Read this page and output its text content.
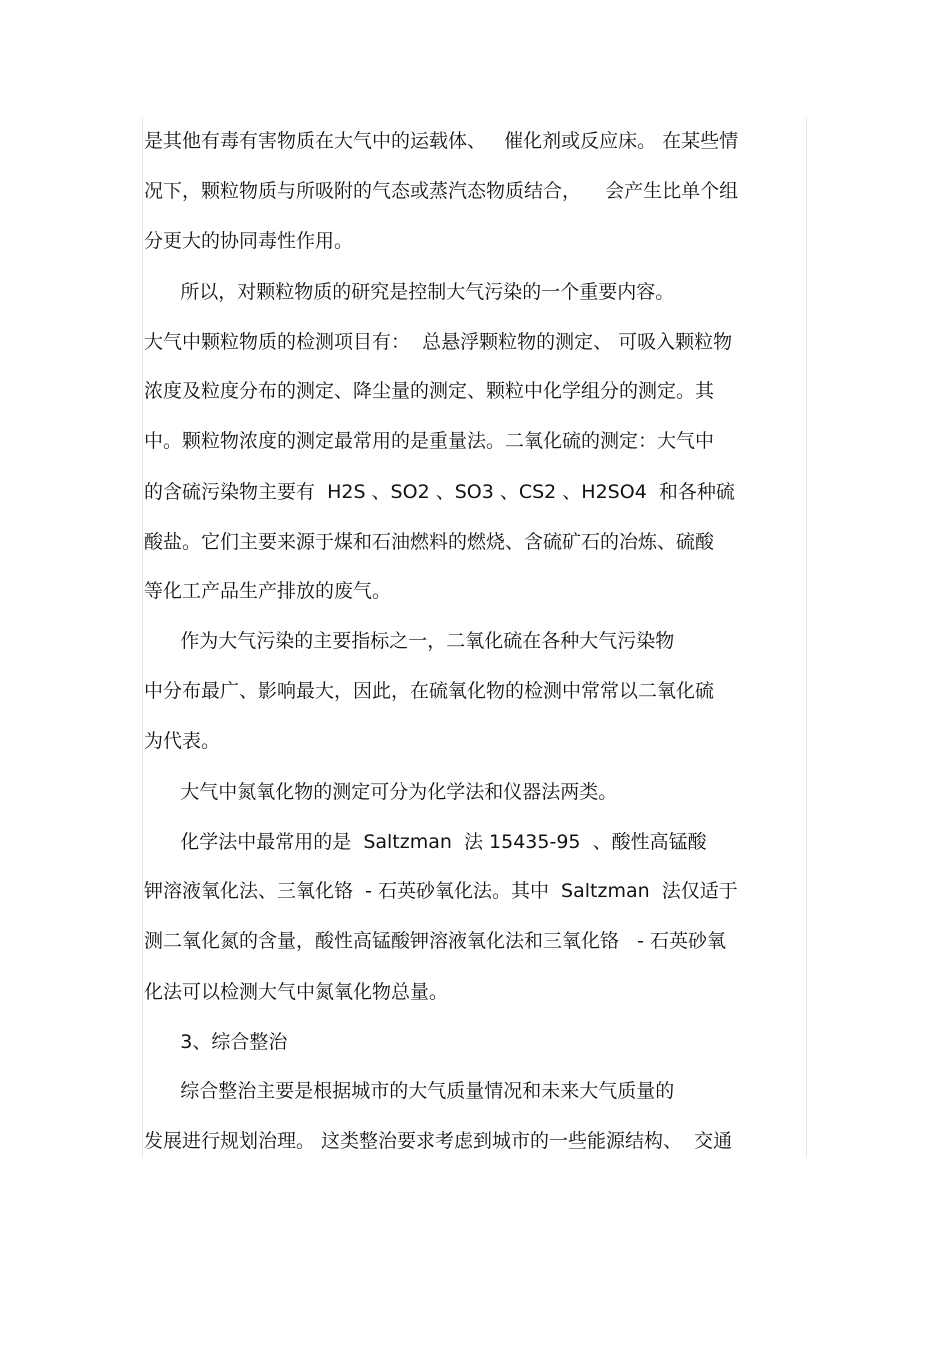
是其他有毒有害物质在大气中的运载体、   催化剂或反应床。 在某些情
况下，颗粒物质与所吸附的气态或蒸汽态物质结合，    会产生比单个组
分更大的协同毒性作用。
所以，对颗粒物质的研究是控制大气污染的一个重要内容。
大气中颗粒物质的检测项目有：  总悬浮颗粒物的测定、 可吸入颗粒物
浓度及粒度分布的测定、降尘量的测定、颗粒中化学组分的测定。其
中。颗粒物浓度的测定最常用的是重量法。二氧化硫的测定：大气中
的含硫污染物主要有  H2S 、SO2 、SO3 、CS2 、H2SO4  和各种硫
酸盐。它们主要来源于煤和石油燃料的燃烧、含硫矿石的冶炼、硫酸
等化工产品生产排放的废气。
作为大气污染的主要指标之一，二氧化硫在各种大气污染物
中分布最广、影响最大，因此，在硫氧化物的检测中常常以二氧化硫
为代表。
大气中氮氧化物的测定可分为化学法和仪器法两类。
化学法中最常用的是  Saltzman  法 15435-95  、酸性高锰酸
钾溶液氧化法、三氧化铬  - 石英砂氧化法。其中  Saltzman  法仅适于
测二氧化氮的含量，酸性高锰酸钾溶液氧化法和三氧化铬   - 石英砂氧
化法可以检测大气中氮氧化物总量。
3、综合整治
综合整治主要是根据城市的大气质量情况和未来大气质量的
发展进行规划治理。 这类整治要求考虑到城市的一些能源结构、  交通
